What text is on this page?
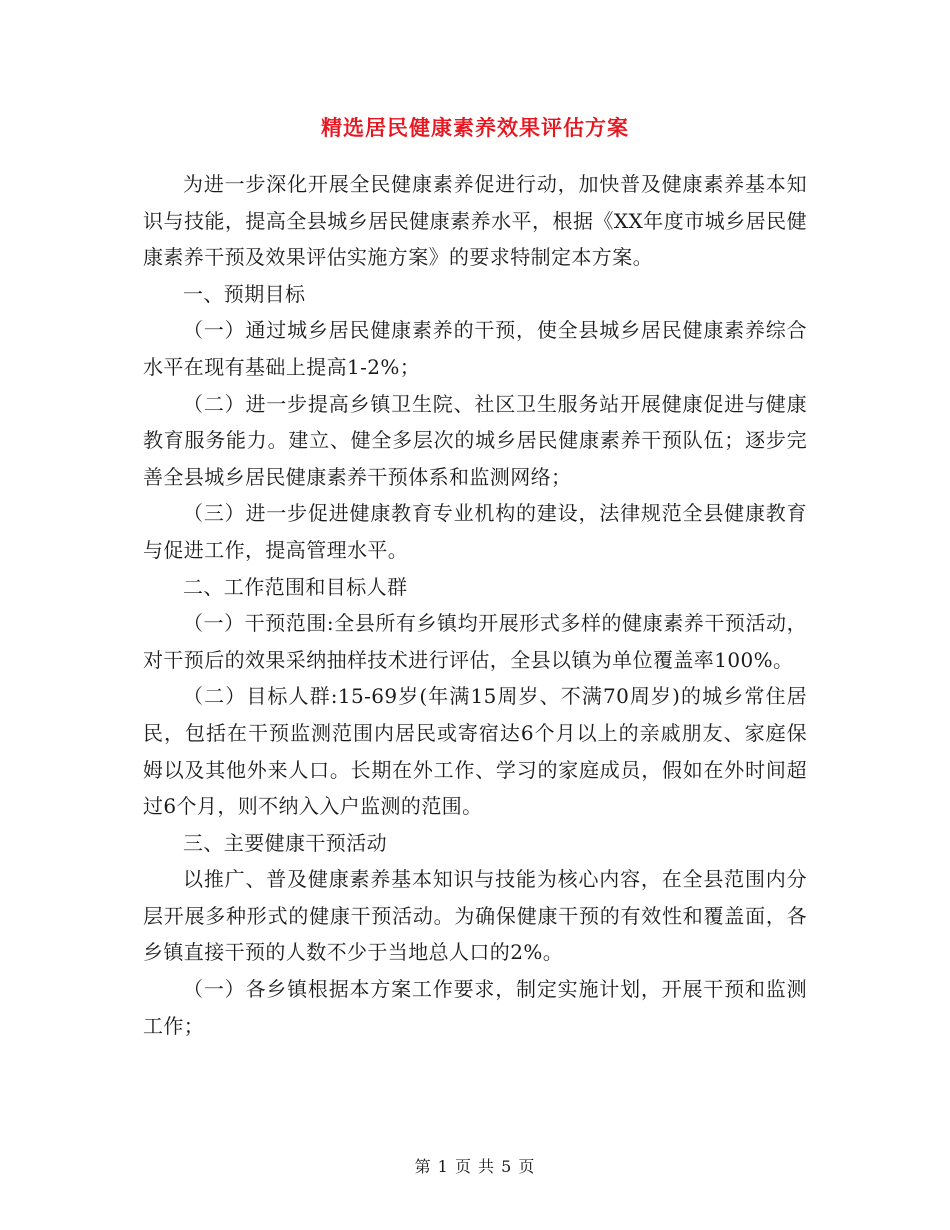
精选居民健康素养效果评估方案

为进一步深化开展全民健康素养促进行动，加快普及健康素养基本知识与技能，提高全县城乡居民健康素养水平，根据《XX年度市城乡居民健康素养干预及效果评估实施方案》的要求特制定本方案。

一、预期目标

（一）通过城乡居民健康素养的干预，使全县城乡居民健康素养综合水平在现有基础上提高1-2%；

（二）进一步提高乡镇卫生院、社区卫生服务站开展健康促进与健康教育服务能力。建立、健全多层次的城乡居民健康素养干预队伍；逐步完善全县城乡居民健康素养干预体系和监测网络；

（三）进一步促进健康教育专业机构的建设，法律规范全县健康教育与促进工作，提高管理水平。

二、工作范围和目标人群

（一）干预范围:全县所有乡镇均开展形式多样的健康素养干预活动，对干预后的效果采纳抽样技术进行评估，全县以镇为单位覆盖率100%。

（二）目标人群:15-69岁(年满15周岁、不满70周岁)的城乡常住居民，包括在干预监测范围内居民或寄宿达6个月以上的亲戚朋友、家庭保姆以及其他外来人口。长期在外工作、学习的家庭成员，假如在外时间超过6个月，则不纳入入户监测的范围。

三、主要健康干预活动

以推广、普及健康素养基本知识与技能为核心内容，在全县范围内分层开展多种形式的健康干预活动。为确保健康干预的有效性和覆盖面，各乡镇直接干预的人数不少于当地总人口的2%。

（一）各乡镇根据本方案工作要求，制定实施计划，开展干预和监测工作；

第 1 页 共 5 页
